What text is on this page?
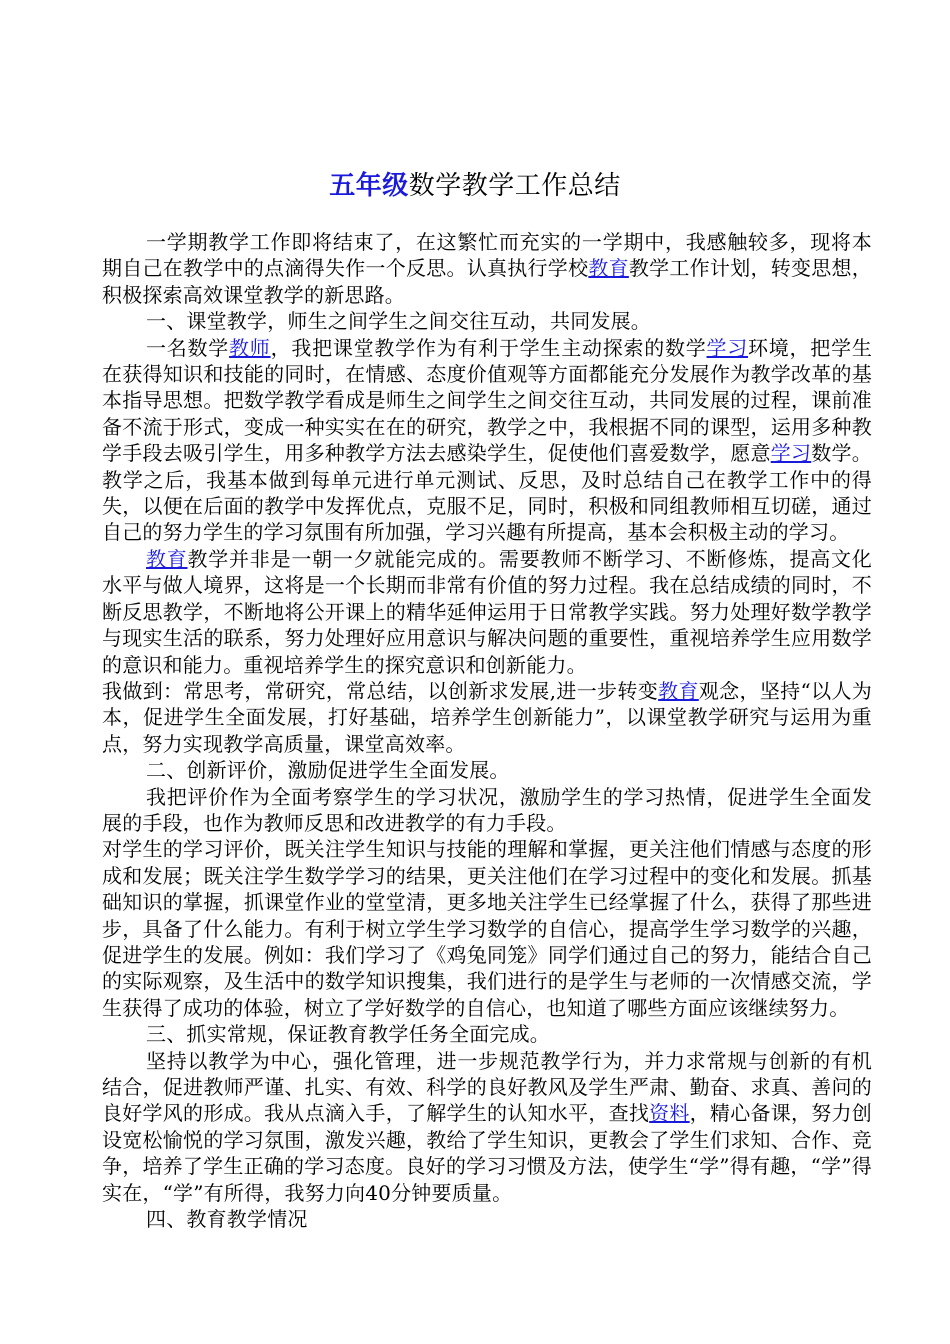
五年级数学教学工作总结

一学期教学工作即将结束了，在这繁忙而充实的一学期中，我感触较多，现将本期自己在教学中的点滴得失作一个反思。认真执行学校教育教学工作计划，转变思想，积极探索高效课堂教学的新思路。

一、课堂教学，师生之间学生之间交往互动，共同发展。

一名数学教师，我把课堂教学作为有利于学生主动探索的数学学习环境，把学生在获得知识和技能的同时，在情感、态度价值观等方面都能充分发展作为教学改革的基本指导思想。把数学教学看成是师生之间学生之间交往互动，共同发展的过程，课前准备不流于形式，变成一种实实在在的研究，教学之中，我根据不同的课型，运用多种教学手段去吸引学生，用多种教学方法去感染学生，促使他们喜爱数学，愿意学习数学。教学之后，我基本做到每单元进行单元测试、反思，及时总结自己在教学工作中的得失，以便在后面的教学中发挥优点，克服不足，同时，积极和同组教师相互切磋，通过自己的努力学生的学习氛围有所加强，学习兴趣有所提高，基本会积极主动的学习。

教育教学并非是一朝一夕就能完成的。需要教师不断学习、不断修炼，提高文化水平与做人境界，这将是一个长期而非常有价值的努力过程。我在总结成绩的同时，不断反思教学，不断地将公开课上的精华延伸运用于日常教学实践。努力处理好数学教学与现实生活的联系，努力处理好应用意识与解决问题的重要性，重视培养学生应用数学的意识和能力。重视培养学生的探究意识和创新能力。

我做到：常思考，常研究，常总结，以创新求发展,进一步转变教育观念，坚持“以人为本，促进学生全面发展，打好基础，培养学生创新能力”，以课堂教学研究与运用为重点，努力实现教学高质量，课堂高效率。

二、创新评价，激励促进学生全面发展。

我把评价作为全面考察学生的学习状况，激励学生的学习热情，促进学生全面发展的手段，也作为教师反思和改进教学的有力手段。

对学生的学习评价，既关注学生知识与技能的理解和掌握，更关注他们情感与态度的形成和发展；既关注学生数学学习的结果，更关注他们在学习过程中的变化和发展。抓基础知识的掌握，抓课堂作业的堂堂清，更多地关注学生已经掌握了什么，获得了那些进步，具备了什么能力。有利于树立学生学习数学的自信心，提高学生学习数学的兴趣，促进学生的发展。例如：我们学习了《鸡兔同笼》同学们通过自己的努力，能结合自己的实际观察，及生活中的数学知识搜集，我们进行的是学生与老师的一次情感交流，学生获得了成功的体验，树立了学好数学的自信心，也知道了哪些方面应该继续努力。

三、抓实常规，保证教育教学任务全面完成。

坚持以教学为中心，强化管理，进一步规范教学行为，并力求常规与创新的有机结合，促进教师严谨、扎实、有效、科学的良好教风及学生严肃、勤奋、求真、善问的良好学风的形成。我从点滴入手，了解学生的认知水平，查找资料，精心备课，努力创设宽松愉悦的学习氛围，激发兴趣，教给了学生知识，更教会了学生们求知、合作、竞争，培养了学生正确的学习态度。良好的学习习惯及方法，使学生“学”得有趣，“学”得实在，“学”有所得，我努力向40分钟要质量。

四、教育教学情况
